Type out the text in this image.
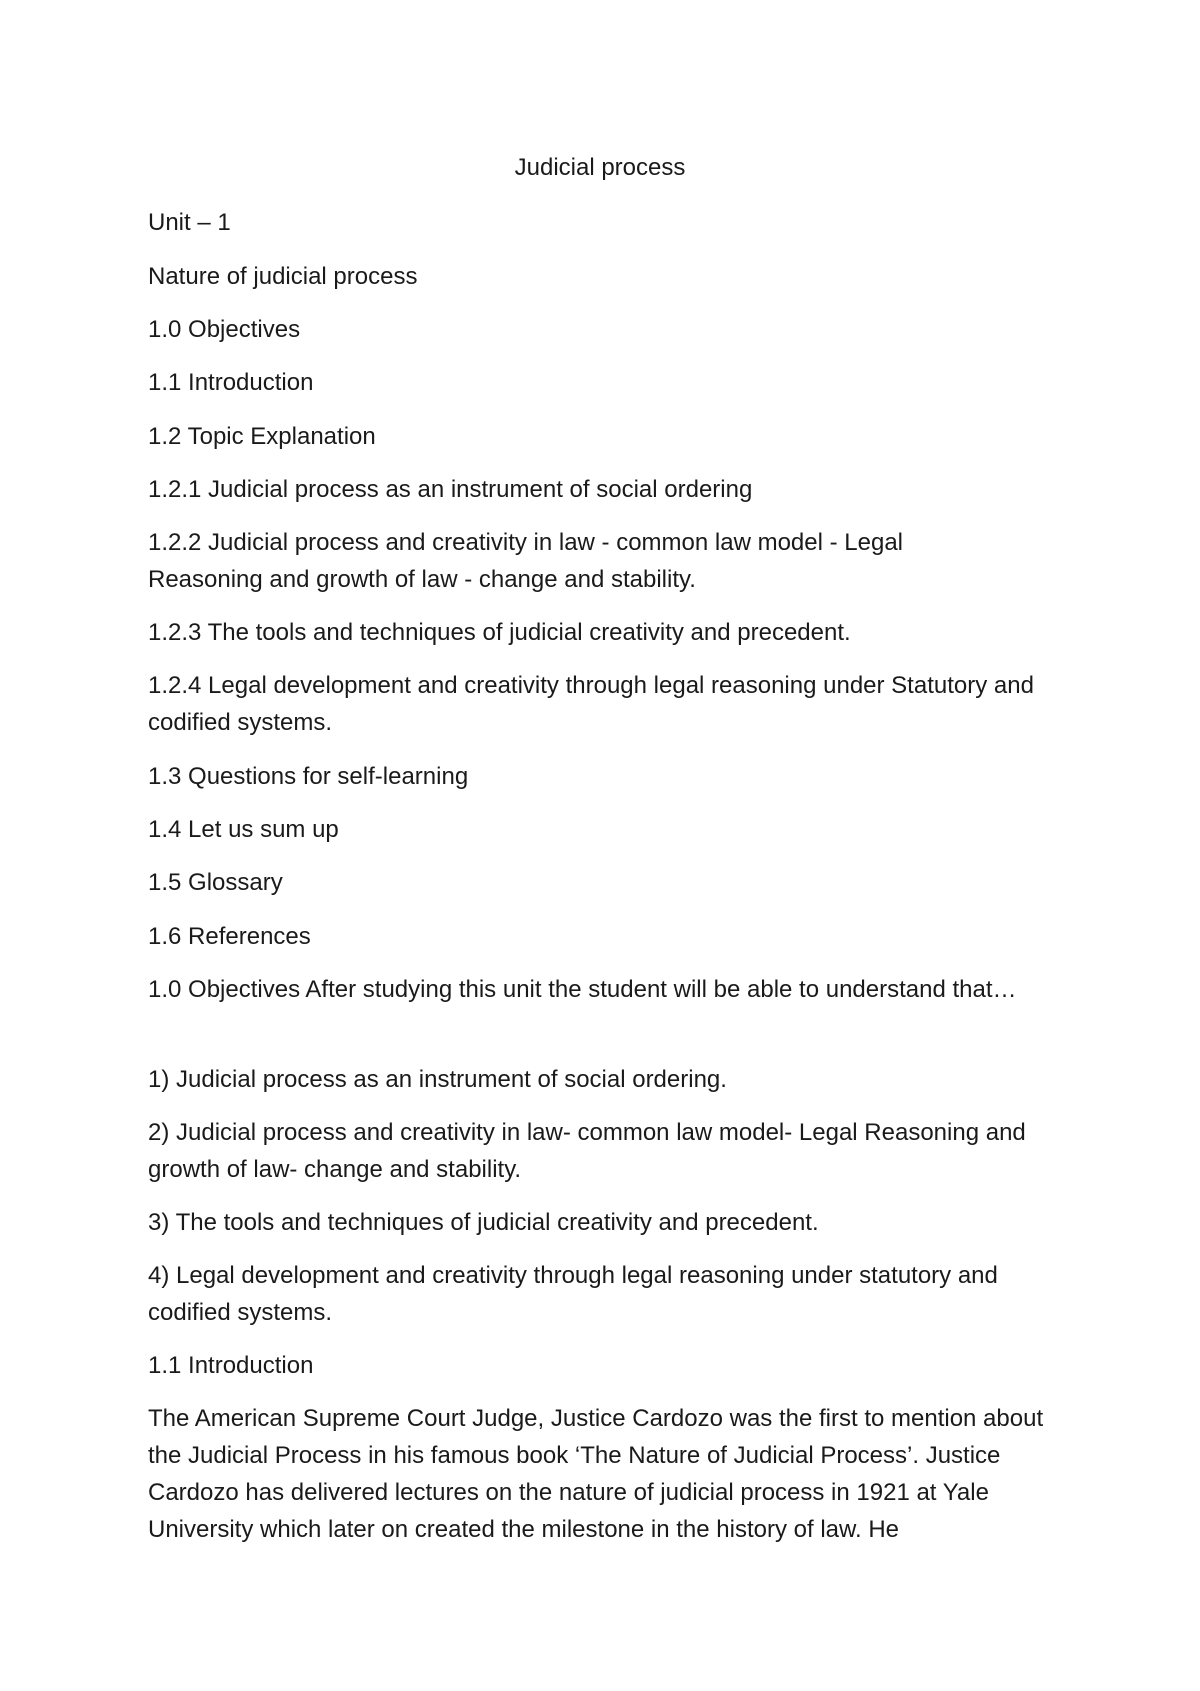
Judicial process
Unit – 1
Nature of judicial process
1.0 Objectives
1.1 Introduction
1.2 Topic Explanation
1.2.1 Judicial process as an instrument of social ordering
1.2.2 Judicial process and creativity in law - common law model - Legal Reasoning and growth of law - change and stability.
1.2.3 The tools and techniques of judicial creativity and precedent.
1.2.4 Legal development and creativity through legal reasoning under Statutory and codified systems.
1.3 Questions for self-learning
1.4 Let us sum up
1.5 Glossary
1.6 References
1.0 Objectives After studying this unit the student will be able to understand that…
1) Judicial process as an instrument of social ordering.
2) Judicial process and creativity in law- common law model- Legal Reasoning and growth of law- change and stability.
3) The tools and techniques of judicial creativity and precedent.
4) Legal development and creativity through legal reasoning under statutory and codified systems.
1.1 Introduction
The American Supreme Court Judge, Justice Cardozo was the first to mention about the Judicial Process in his famous book ‘The Nature of Judicial Process’. Justice Cardozo has delivered lectures on the nature of judicial process in 1921 at Yale University which later on created the milestone in the history of law. He
